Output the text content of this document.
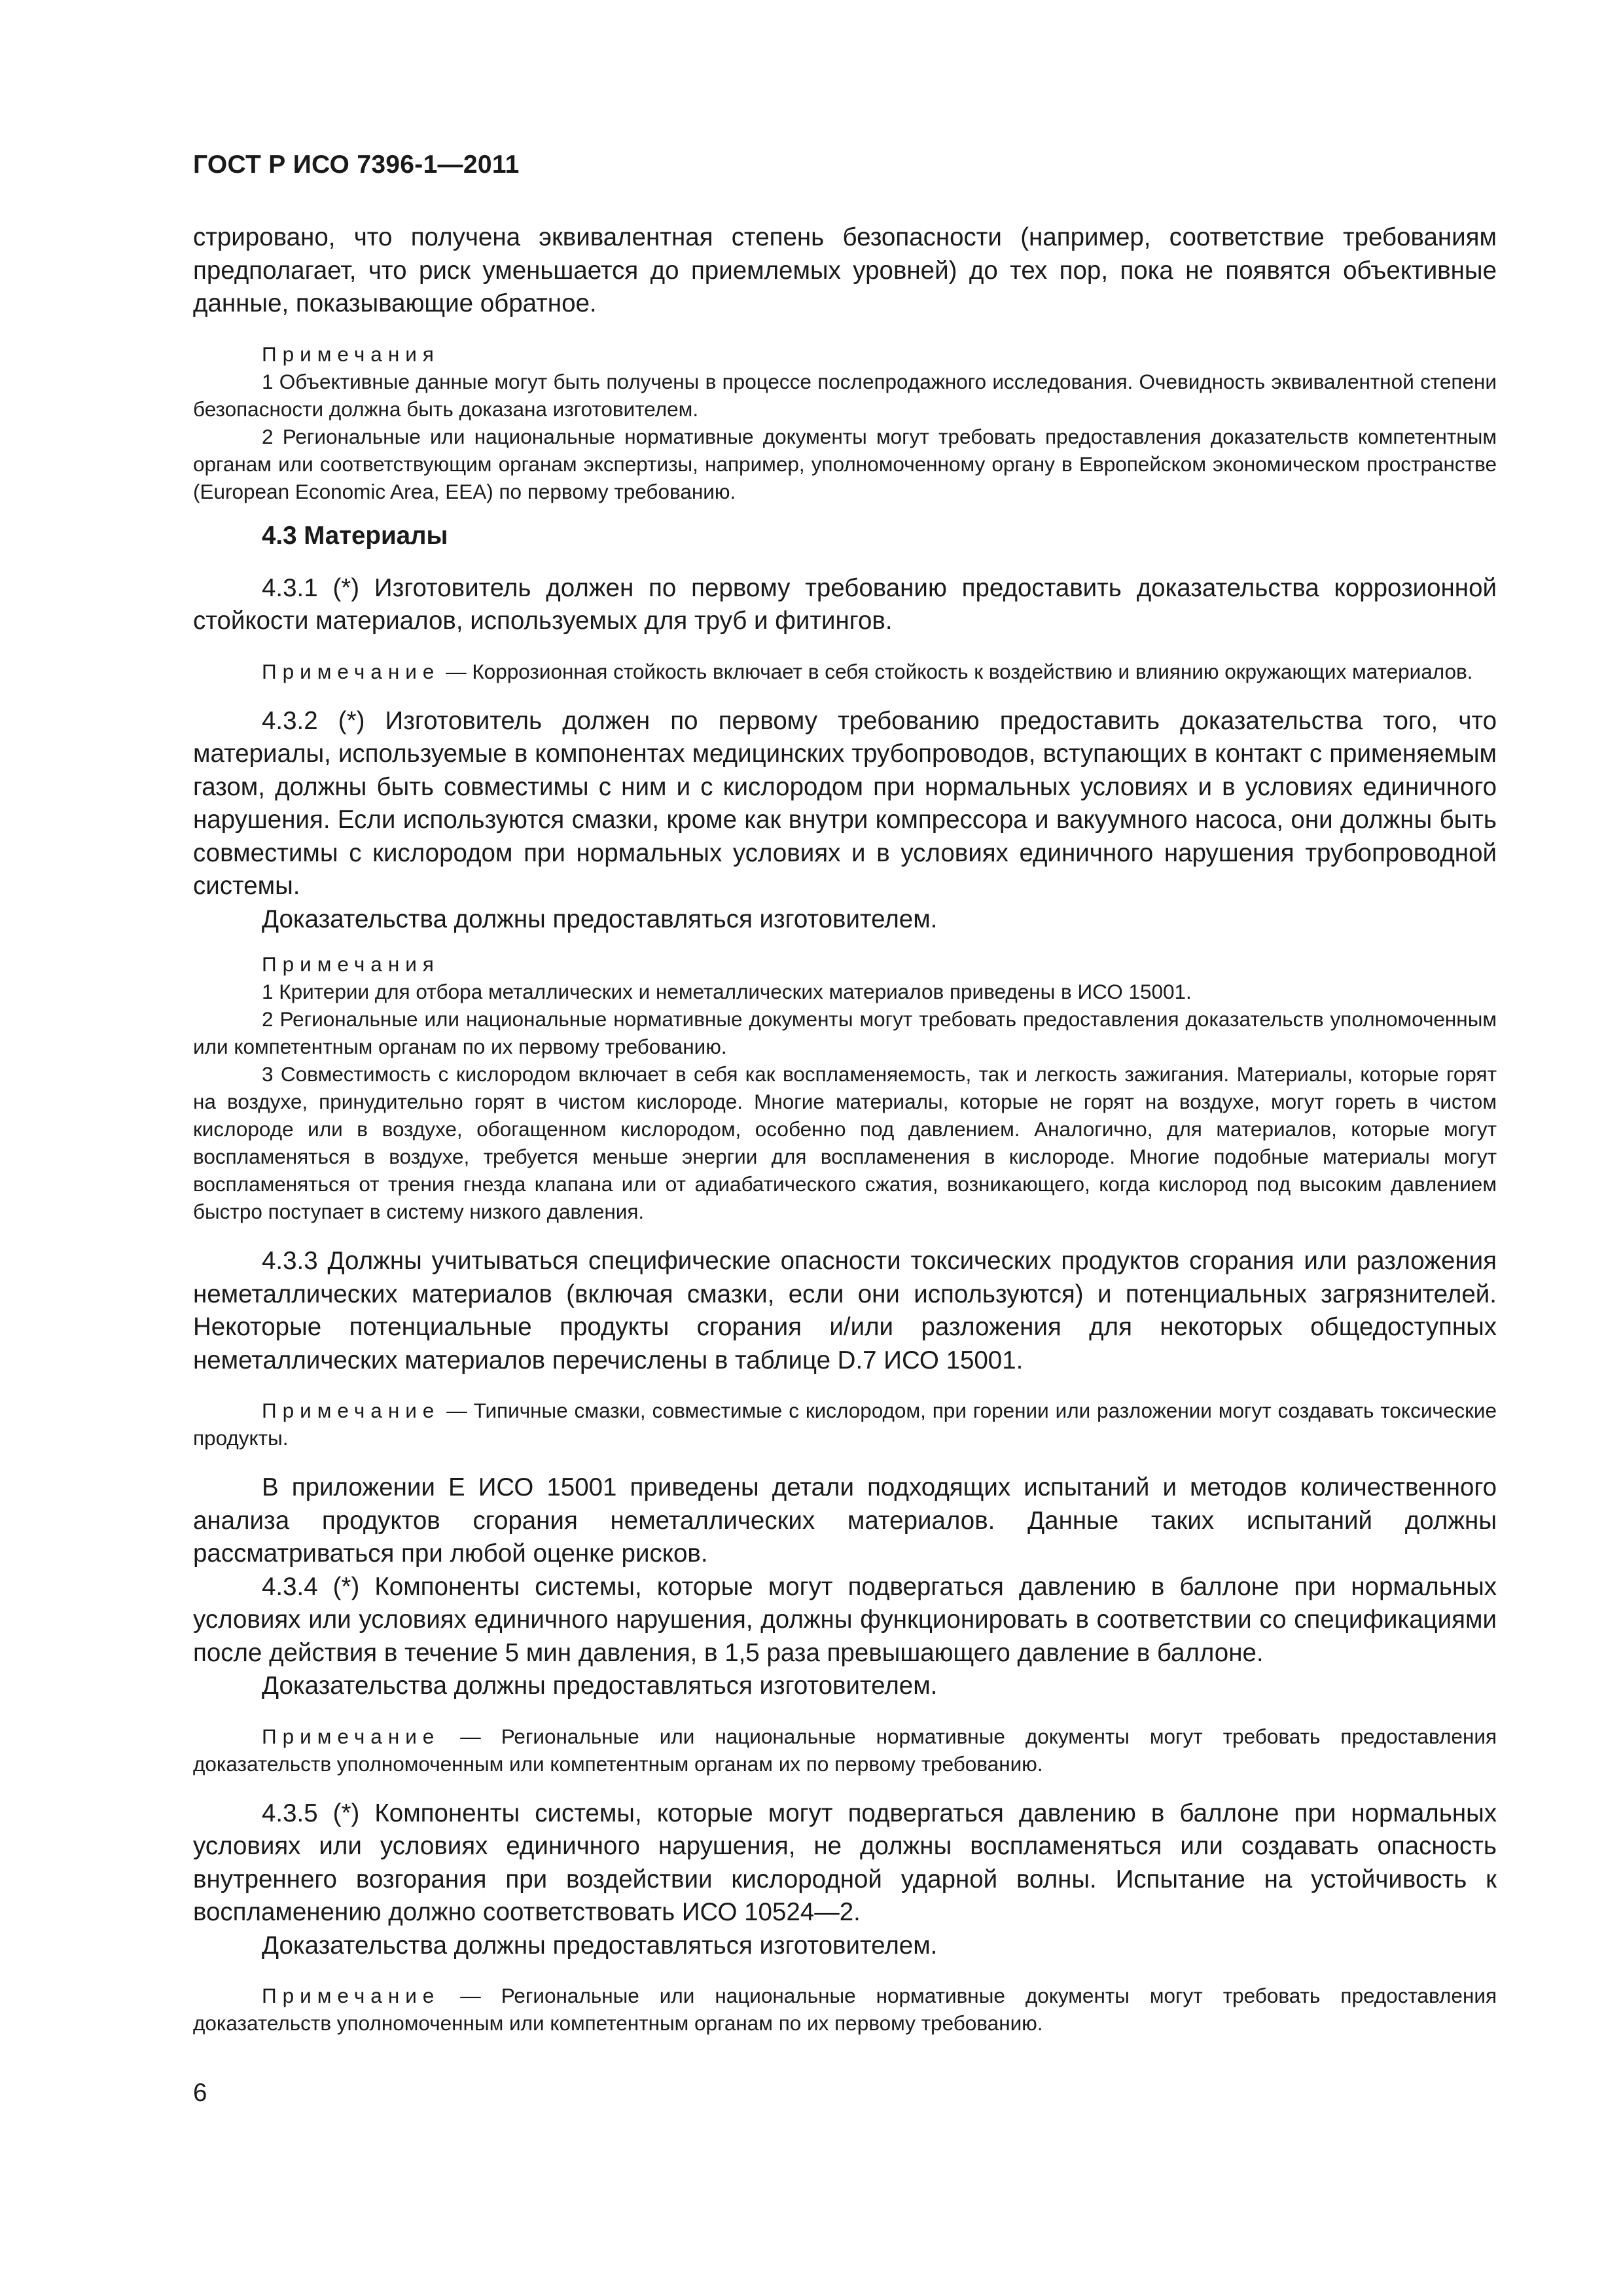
ГОСТ Р ИСО 7396-1—2011

стрировано, что получена эквивалентная степень безопасности (например, соответствие требованиям предполагает, что риск уменьшается до приемлемых уровней) до тех пор, пока не появятся объективные данные, показывающие обратное.

Примечания

1 Объективные данные могут быть получены в процессе послепродажного исследования. Очевидность эквивалентной степени безопасности должна быть доказана изготовителем.

2 Региональные или национальные нормативные документы могут требовать предоставления доказательств компетентным органам или соответствующим органам экспертизы, например, уполномоченному органу в Европейском экономическом пространстве (European Economic Area, EEA) по первому требованию.

4.3 Материалы

4.3.1 (*) Изготовитель должен по первому требованию предоставить доказательства коррозионной стойкости материалов, используемых для труб и фитингов.

Примечание — Коррозионная стойкость включает в себя стойкость к воздействию и влиянию окружающих материалов.

4.3.2 (*) Изготовитель должен по первому требованию предоставить доказательства того, что материалы, используемые в компонентах медицинских трубопроводов, вступающих в контакт с применяемым газом, должны быть совместимы с ним и с кислородом при нормальных условиях и в условиях единичного нарушения. Если используются смазки, кроме как внутри компрессора и вакуумного насоса, они должны быть совместимы с кислородом при нормальных условиях и в условиях единичного нарушения трубопроводной системы.

Доказательства должны предоставляться изготовителем.

Примечания

1 Критерии для отбора металлических и неметаллических материалов приведены в ИСО 15001.

2 Региональные или национальные нормативные документы могут требовать предоставления доказательств уполномоченным или компетентным органам по их первому требованию.

3 Совместимость с кислородом включает в себя как воспламеняемость, так и легкость зажигания. Материалы, которые горят на воздухе, принудительно горят в чистом кислороде. Многие материалы, которые не горят на воздухе, могут гореть в чистом кислороде или в воздухе, обогащенном кислородом, особенно под давлением. Аналогично, для материалов, которые могут воспламеняться в воздухе, требуется меньше энергии для воспламенения в кислороде. Многие подобные материалы могут воспламеняться от трения гнезда клапана или от адиабатического сжатия, возникающего, когда кислород под высоким давлением быстро поступает в систему низкого давления.

4.3.3 Должны учитываться специфические опасности токсических продуктов сгорания или разложения неметаллических материалов (включая смазки, если они используются) и потенциальных загрязнителей. Некоторые потенциальные продукты сгорания и/или разложения для некоторых общедоступных неметаллических материалов перечислены в таблице D.7 ИСО 15001.

Примечание — Типичные смазки, совместимые с кислородом, при горении или разложении могут создавать токсические продукты.

В приложении E ИСО 15001 приведены детали подходящих испытаний и методов количественного анализа продуктов сгорания неметаллических материалов. Данные таких испытаний должны рассматриваться при любой оценке рисков.

4.3.4 (*) Компоненты системы, которые могут подвергаться давлению в баллоне при нормальных условиях или условиях единичного нарушения, должны функционировать в соответствии со спецификациями после действия в течение 5 мин давления, в 1,5 раза превышающего давление в баллоне.

Доказательства должны предоставляться изготовителем.

Примечание — Региональные или национальные нормативные документы могут требовать предоставления доказательств уполномоченным или компетентным органам их по первому требованию.

4.3.5 (*) Компоненты системы, которые могут подвергаться давлению в баллоне при нормальных условиях или условиях единичного нарушения, не должны воспламеняться или создавать опасность внутреннего возгорания при воздействии кислородной ударной волны. Испытание на устойчивость к воспламенению должно соответствовать ИСО 10524—2.

Доказательства должны предоставляться изготовителем.

Примечание — Региональные или национальные нормативные документы могут требовать предоставления доказательств уполномоченным или компетентным органам по их первому требованию.

6
